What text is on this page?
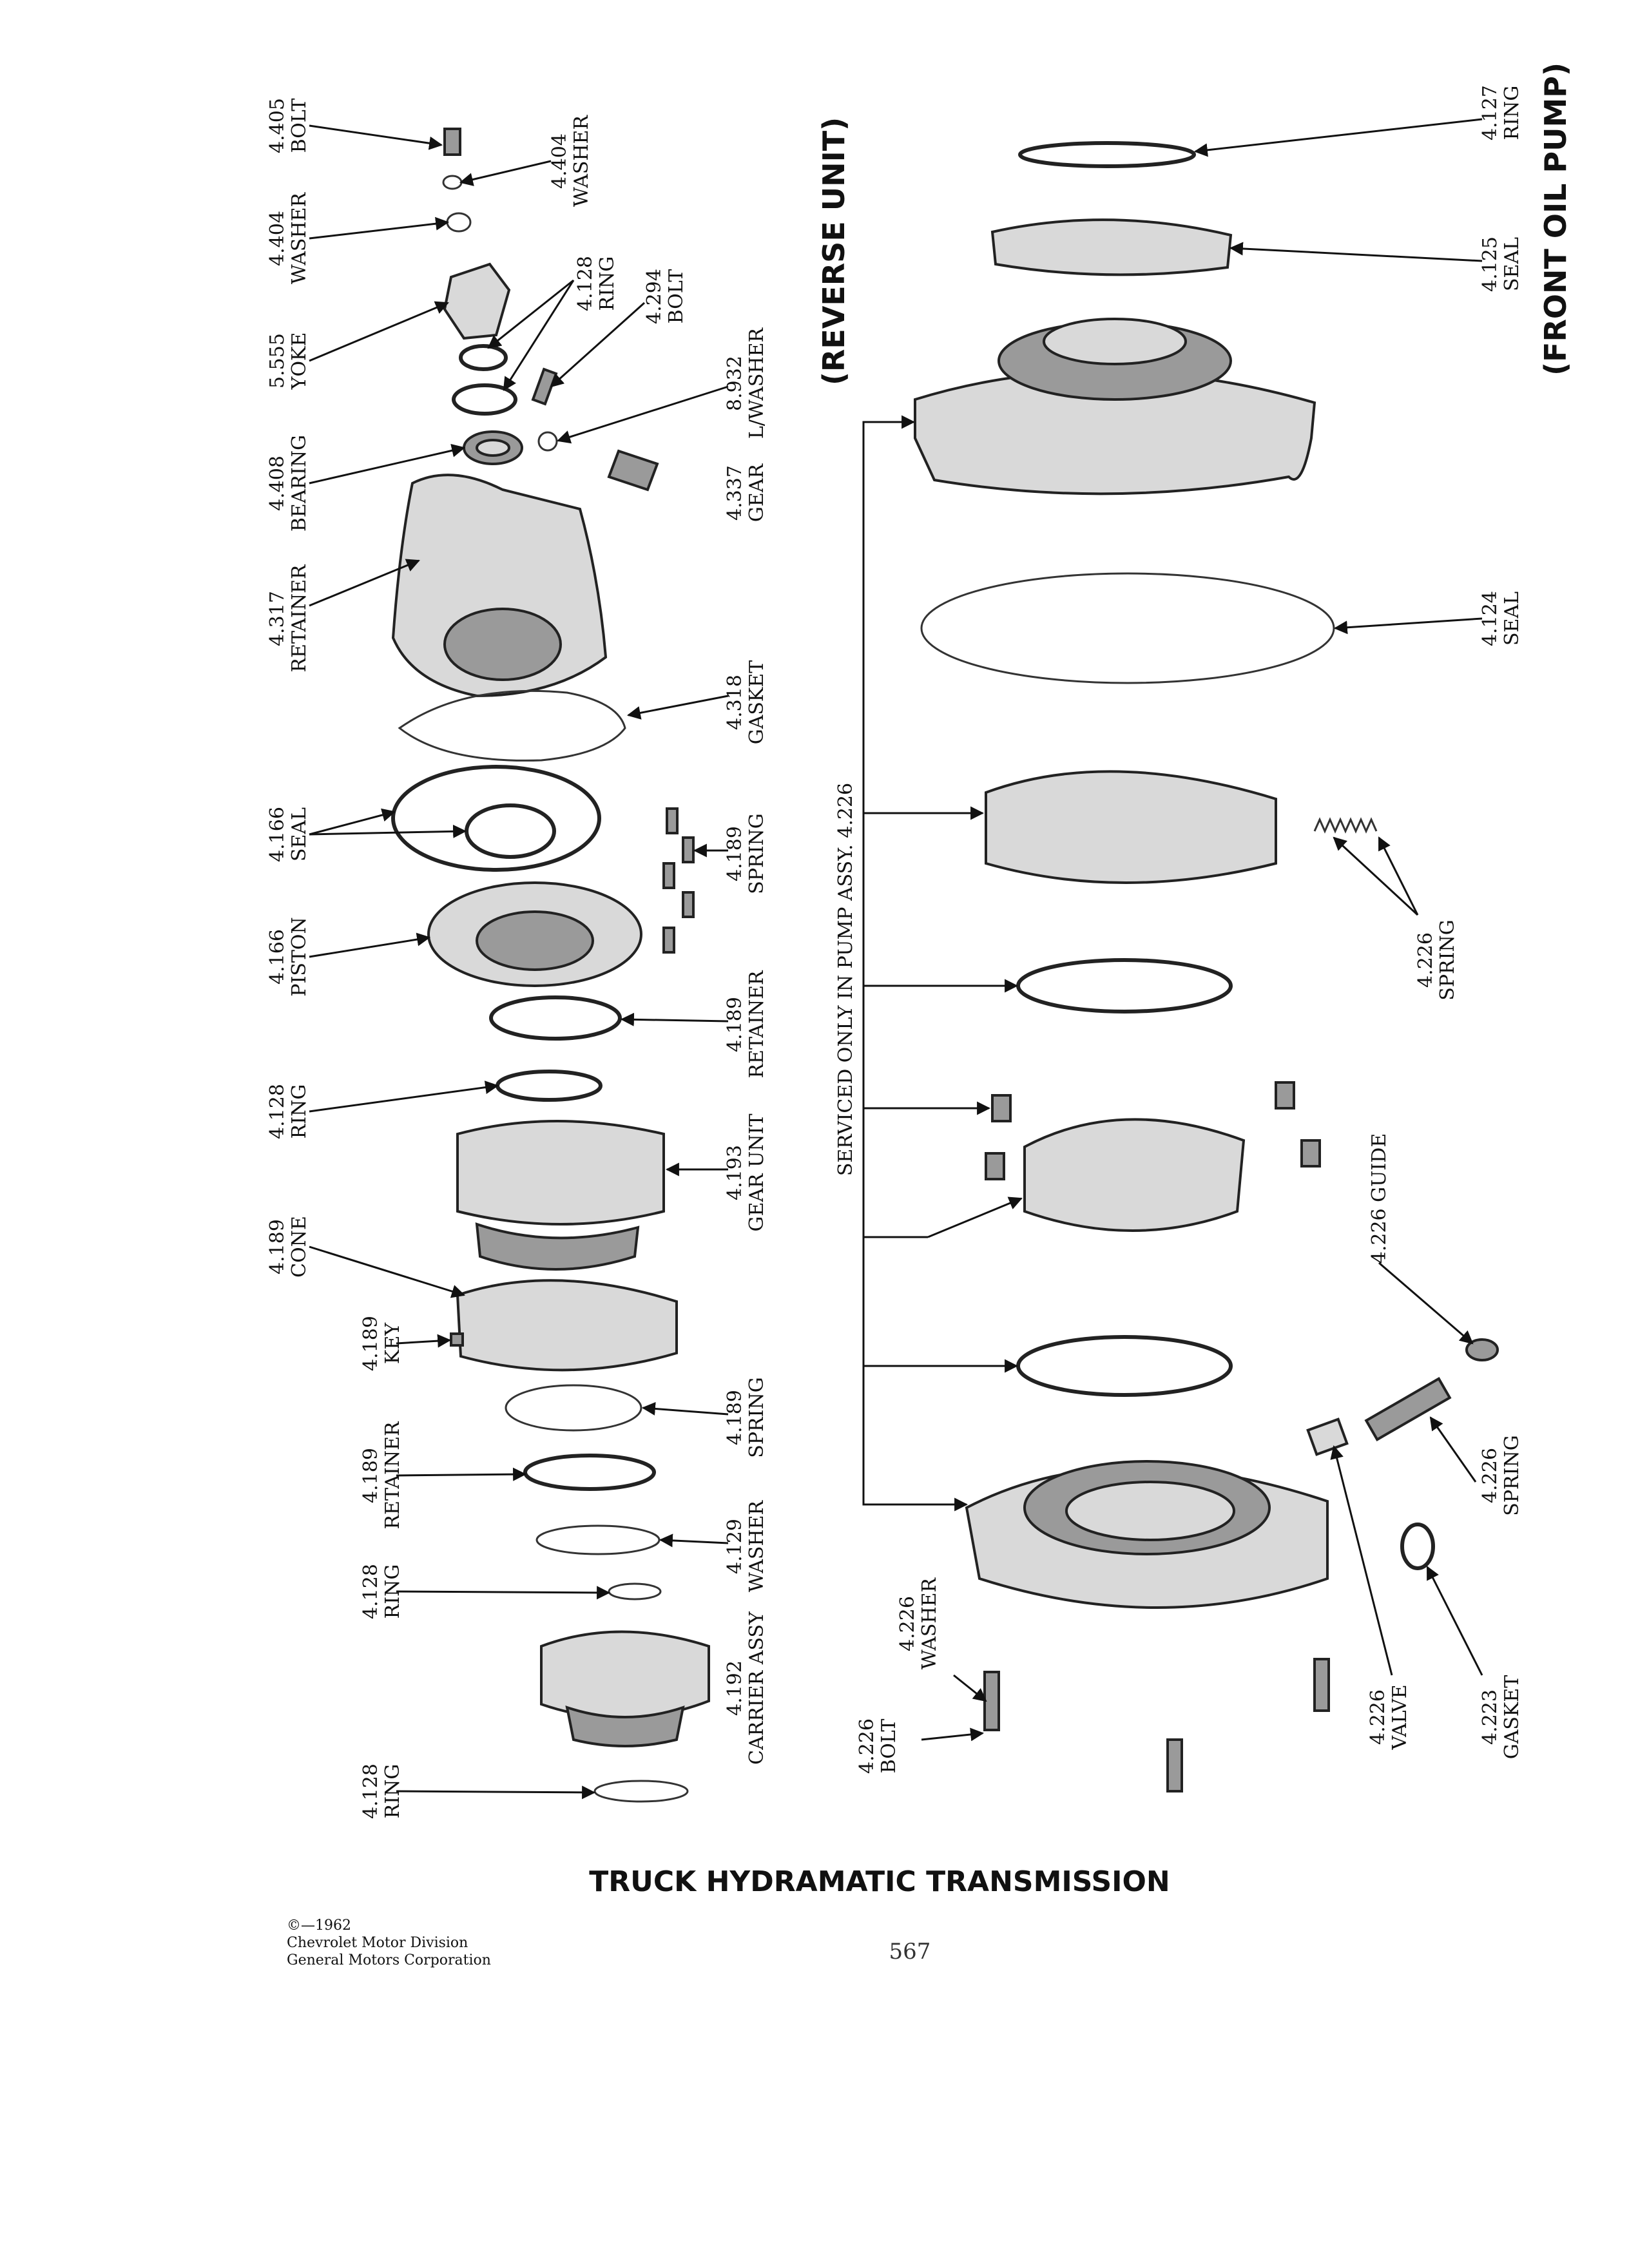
(REVERSE UNIT)	(FRONT OIL PUMP)
SERVICED ONLY IN PUMP ASSY. 4.226
4.405 BOLT
4.404 WASHER
5.555 YOKE
4.408 BEARING
4.317 RETAINER
4.166 SEAL
4.166 PISTON
4.128 RING
4.189 CONE
4.189 KEY
4.189 RETAINER
4.128 RING
4.128 RING
4.404 WASHER
4.128 RING 4.294 BOLT
8.932 L/WASHER
4.337 GEAR
4.318 GASKET
4.189 SPRING
4.189 RETAINER
4.193 GEAR UNIT
4.189 SPRING
4.129 WASHER
4.192 CARRIER ASSY	4.226 WASHER
4.226 BOLT
4.127 RING
4.125 SEAL
4.124 SEAL
4.226 SPRING
4.226 GUIDE
4.226 SPRING
4.226 VALVE	4.223 GASKET
TRUCK HYDRAMATIC TRANSMISSION
©—1962
Chevrolet Motor Division
General Motors Corporation	567
